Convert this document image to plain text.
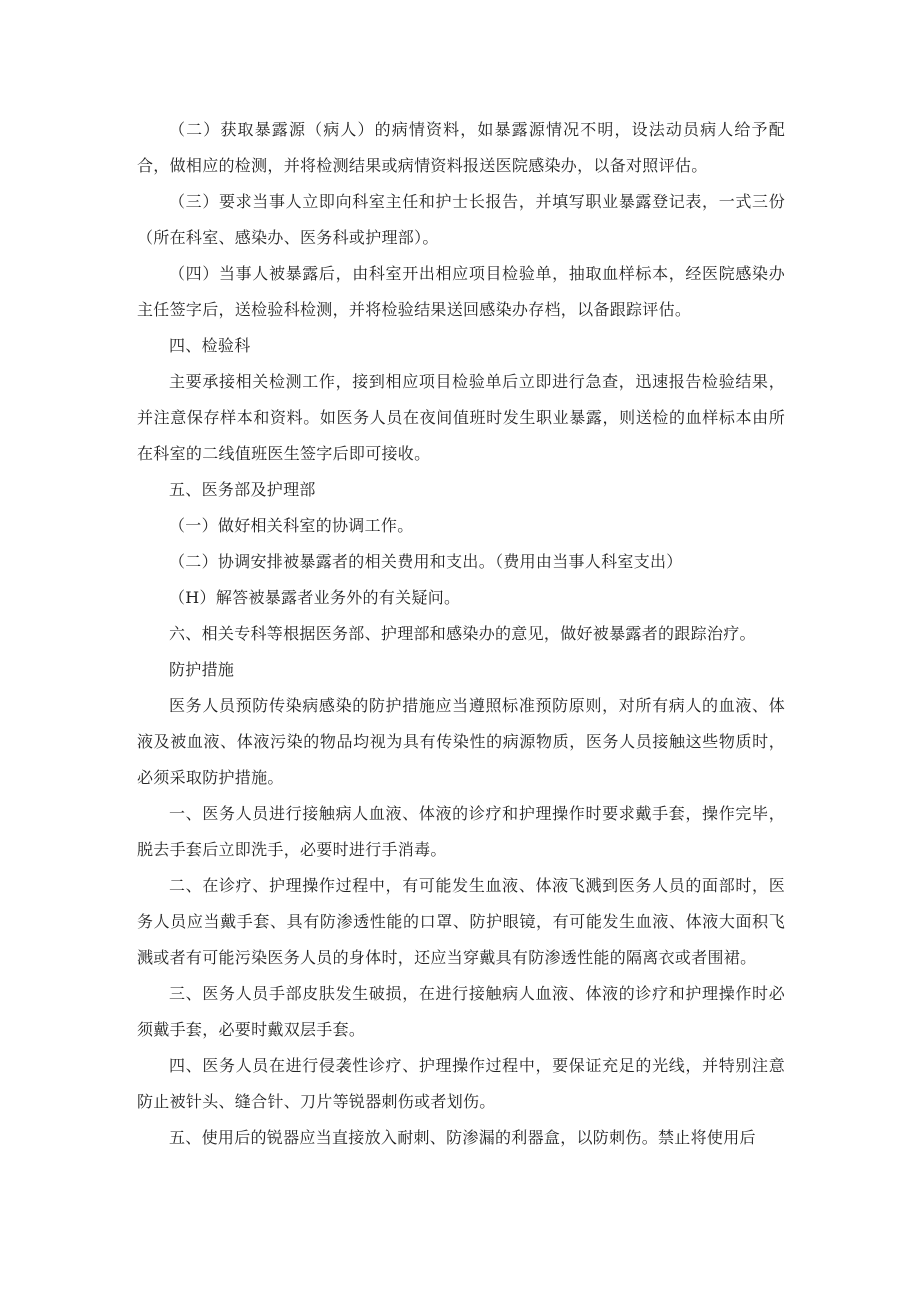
（二）获取暴露源（病人）的病情资料，如暴露源情况不明，设法动员病人给予配合，做相应的检测，并将检测结果或病情资料报送医院感染办，以备对照评估。

（三）要求当事人立即向科室主任和护士长报告，并填写职业暴露登记表，一式三份（所在科室、感染办、医务科或护理部）。

（四）当事人被暴露后，由科室开出相应项目检验单，抽取血样标本，经医院感染办主任签字后，送检验科检测，并将检验结果送回感染办存档，以备跟踪评估。

四、检验科

主要承接相关检测工作，接到相应项目检验单后立即进行急查，迅速报告检验结果，并注意保存样本和资料。如医务人员在夜间值班时发生职业暴露，则送检的血样标本由所在科室的二线值班医生签字后即可接收。

五、医务部及护理部

（一）做好相关科室的协调工作。

（二）协调安排被暴露者的相关费用和支出。（费用由当事人科室支出）

（H）解答被暴露者业务外的有关疑问。

六、相关专科等根据医务部、护理部和感染办的意见，做好被暴露者的跟踪治疗。

防护措施

医务人员预防传染病感染的防护措施应当遵照标准预防原则，对所有病人的血液、体液及被血液、体液污染的物品均视为具有传染性的病源物质，医务人员接触这些物质时，必须采取防护措施。

一、医务人员进行接触病人血液、体液的诊疗和护理操作时要求戴手套，操作完毕，脱去手套后立即洗手，必要时进行手消毒。

二、在诊疗、护理操作过程中，有可能发生血液、体液飞溅到医务人员的面部时，医务人员应当戴手套、具有防渗透性能的口罩、防护眼镜，有可能发生血液、体液大面积飞溅或者有可能污染医务人员的身体时，还应当穿戴具有防渗透性能的隔离衣或者围裙。

三、医务人员手部皮肤发生破损，在进行接触病人血液、体液的诊疗和护理操作时必须戴手套，必要时戴双层手套。

四、医务人员在进行侵袭性诊疗、护理操作过程中，要保证充足的光线，并特别注意防止被针头、缝合针、刀片等锐器刺伤或者划伤。

五、使用后的锐器应当直接放入耐刺、防渗漏的利器盒，以防刺伤。禁止将使用后
